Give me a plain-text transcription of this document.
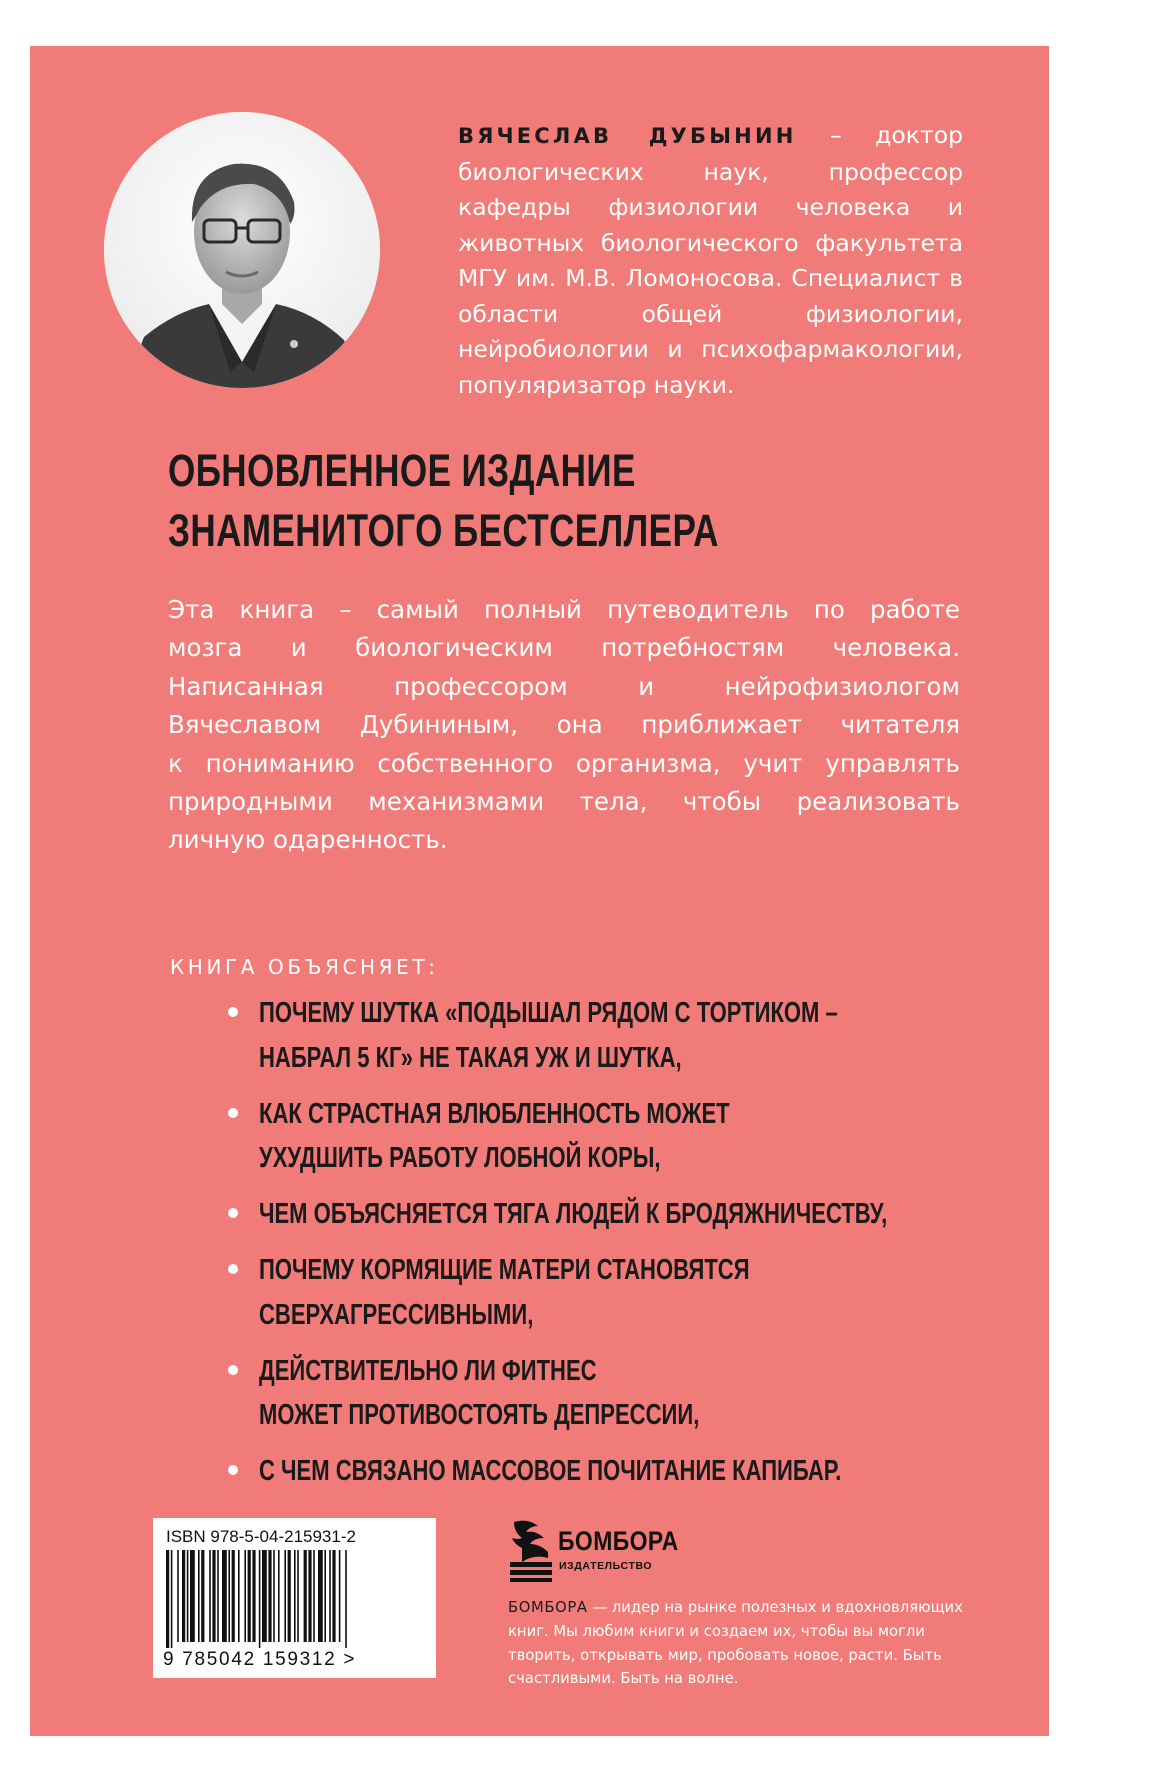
ВЯЧЕСЛАВ ДУБЫНИН – доктор биологических наук, профессор кафедры физиологии человека и животных биологического факультета МГУ им. М.В. Ломоносова. Специалист в области общей физиологии, нейробиологии и психофармакологии, популяризатор науки.
ОБНОВЛЕННОЕ ИЗДАНИЕ
ЗНАМЕНИТОГО БЕСТСЕЛЛЕРА
Эта книга – самый полный путеводитель по работе
мозга и биологическим потребностям человека.
Написанная профессором и нейрофизиологом
Вячеславом Дубининым, она приближает читателя
к пониманию собственного организма, учит управлять
природными механизмами тела, чтобы реализовать
личную одаренность.
КНИГА ОБЪЯСНЯЕТ:
ПОЧЕМУ ШУТКА «ПОДЫШАЛ РЯДОМ С ТОРТИКОМ –
НАБРАЛ 5 КГ» НЕ ТАКАЯ УЖ И ШУТКА,
КАК СТРАСТНАЯ ВЛЮБЛЕННОСТЬ МОЖЕТ
УХУДШИТЬ РАБОТУ ЛОБНОЙ КОРЫ,
ЧЕМ ОБЪЯСНЯЕТСЯ ТЯГА ЛЮДЕЙ К БРОДЯЖНИЧЕСТВУ,
ПОЧЕМУ КОРМЯЩИЕ МАТЕРИ СТАНОВЯТСЯ
СВЕРХАГРЕССИВНЫМИ,
ДЕЙСТВИТЕЛЬНО ЛИ ФИТНЕС
МОЖЕТ ПРОТИВОСТОЯТЬ ДЕПРЕССИИ,
С ЧЕМ СВЯЗАНО МАССОВОЕ ПОЧИТАНИЕ КАПИБАР.
ISBN 978-5-04-215931-2
9 785042 159312 >
БОМБОРА
ИЗДАТЕЛЬСТВО
БОМБОРА — лидер на рынке полезных и вдохновляющих книг. Мы любим книги и создаем их, чтобы вы могли творить, открывать мир, пробовать новое, расти. Быть счастливыми. Быть на волне.
